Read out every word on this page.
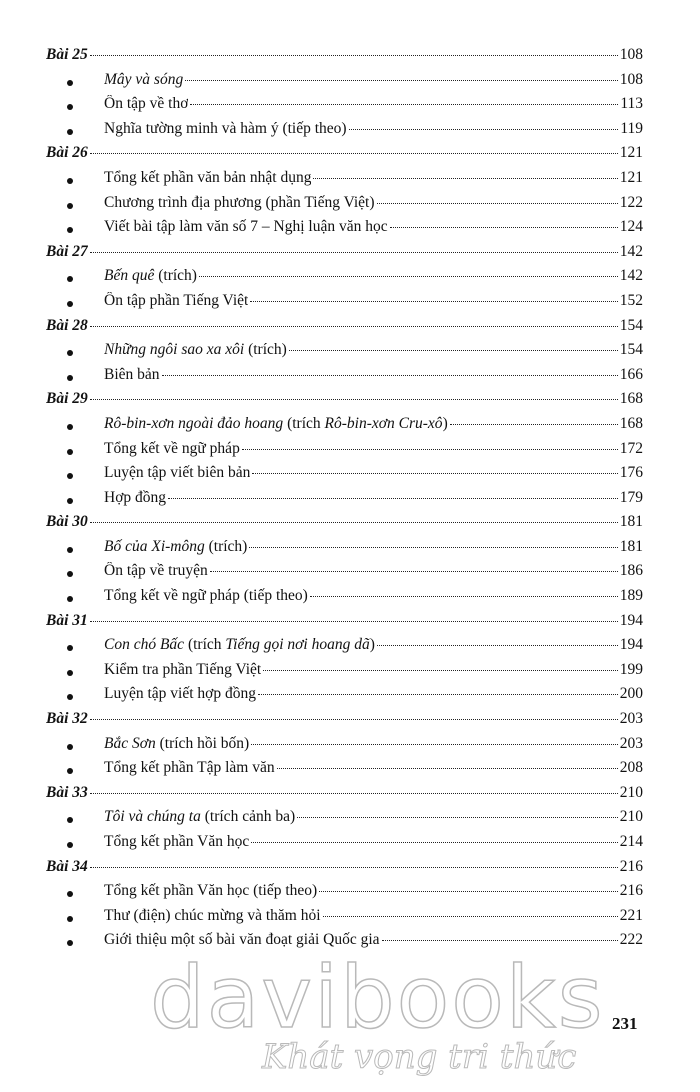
Bài 25	108
Mây và sóng	108
Ôn tập về thơ	113
Nghĩa tường minh và hàm ý (tiếp theo)	119
Bài 26	121
Tổng kết phần văn bản nhật dụng	121
Chương trình địa phương (phần Tiếng Việt)	122
Viết bài tập làm văn số 7 – Nghị luận văn học	124
Bài 27	142
Bến quê (trích)	142
Ôn tập phần Tiếng Việt	152
Bài 28	154
Những ngôi sao xa xôi (trích)	154
Biên bản	166
Bài 29	168
Rô-bin-xơn ngoài đảo hoang (trích Rô-bin-xơn Cru-xô)	168
Tổng kết về ngữ pháp	172
Luyện tập viết biên bản	176
Hợp đồng	179
Bài 30	181
Bố của Xi-mông (trích)	181
Ôn tập về truyện	186
Tổng kết về ngữ pháp (tiếp theo)	189
Bài 31	194
Con chó Bấc (trích Tiếng gọi nơi hoang dã)	194
Kiểm tra phần Tiếng Việt	199
Luyện tập viết hợp đồng	200
Bài 32	203
Bắc Sơn (trích hồi bốn)	203
Tổng kết phần Tập làm văn	208
Bài 33	210
Tôi và chúng ta (trích cảnh ba)	210
Tổng kết phần Văn học	214
Bài 34	216
Tổng kết phần Văn học (tiếp theo)	216
Thư (điện) chúc mừng và thăm hỏi	221
Giới thiệu một số bài văn đoạt giải Quốc gia	222
231
davibooks
Khát vọng tri thức
